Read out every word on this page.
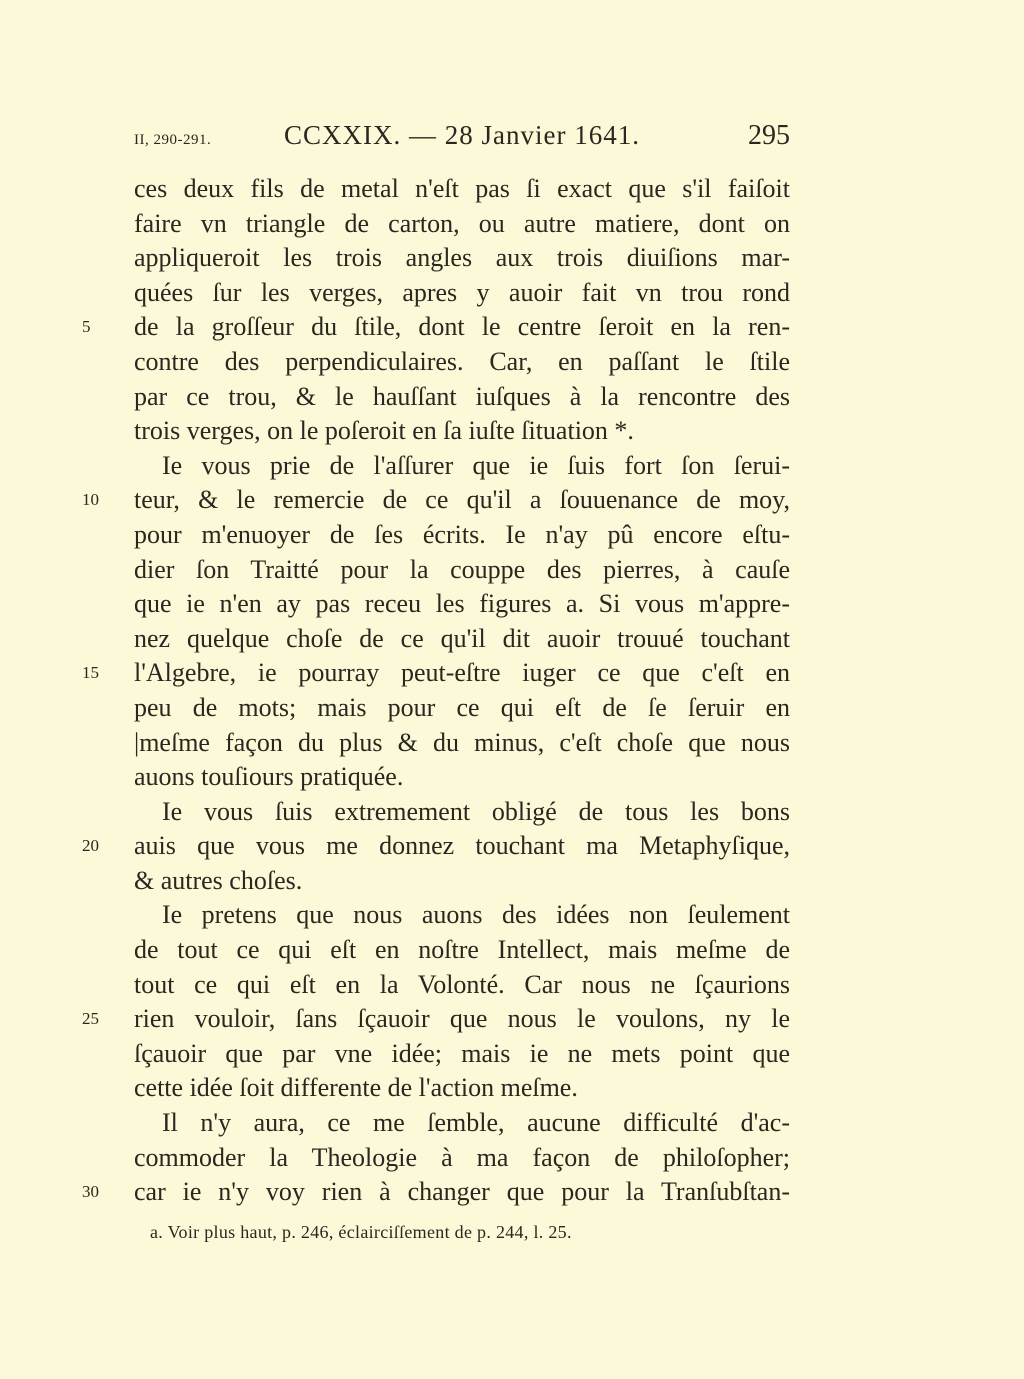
II, 290-291.	CCXXIX. — 28 Janvier 1641.	295
ces deux fils de metal n'eſt pas ſi exact que s'il faiſoit
faire vn triangle de carton, ou autre matiere, dont on
appliqueroit les trois angles aux trois diuiſions mar-
quées ſur les verges, apres y auoir fait vn trou rond
5	de la groſſeur du ſtile, dont le centre ſeroit en la ren-
contre des perpendiculaires. Car, en paſſant le ſtile
par ce trou, & le hauſſant iuſques à la rencontre des
trois verges, on le poſeroit en ſa iuſte ſituation *.
Ie vous prie de l'aſſurer que ie ſuis fort ſon ſerui-
10	teur, & le remercie de ce qu'il a ſouuenance de moy,
pour m'enuoyer de ſes écrits. Ie n'ay pû encore eſtu-
dier ſon Traitté pour la couppe des pierres, à cauſe
que ie n'en ay pas receu les figures a. Si vous m'appre-
nez quelque choſe de ce qu'il dit auoir trouué touchant
15	l'Algebre, ie pourray peut-eſtre iuger ce que c'eſt en
peu de mots; mais pour ce qui eſt de ſe ſeruir en
|meſme façon du plus & du minus, c'eſt choſe que nous
auons touſiours pratiquée.
Ie vous ſuis extremement obligé de tous les bons
20	auis que vous me donnez touchant ma Metaphyſique,
& autres choſes.
Ie pretens que nous auons des idées non ſeulement
de tout ce qui eſt en noſtre Intellect, mais meſme de
tout ce qui eſt en la Volonté. Car nous ne ſçaurions
25	rien vouloir, ſans ſçauoir que nous le voulons, ny le
ſçauoir que par vne idée; mais ie ne mets point que
cette idée ſoit differente de l'action meſme.
Il n'y aura, ce me ſemble, aucune difficulté d'ac-
commoder la Theologie à ma façon de philoſopher;
30	car ie n'y voy rien à changer que pour la Tranſubſtan-
a. Voir plus haut, p. 246, éclairciſſement de p. 244, l. 25.
